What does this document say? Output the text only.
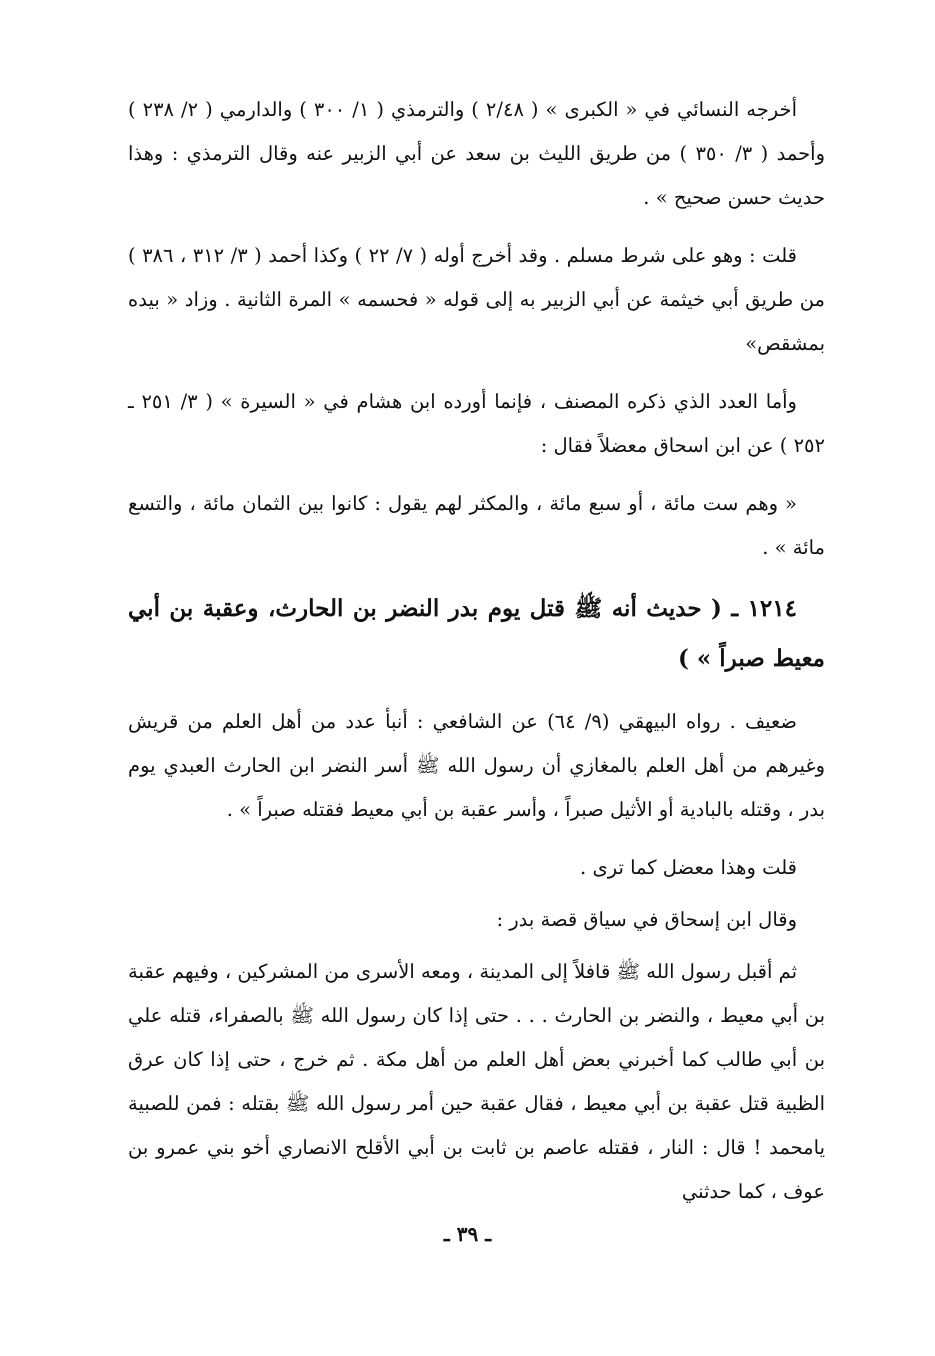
أخرجه النسائي في « الكبرى » ( ٢/٤٨ ) والترمذي ( ١/ ٣٠٠ ) والدارمي ( ٢/ ٢٣٨ ) وأحمد ( ٣/ ٣٥٠ ) من طريق الليث بن سعد عن أبي الزبير عنه وقال الترمذي : وهذا حديث حسن صحيح » .

قلت : وهو على شرط مسلم . وقد أخرج أوله ( ٧/ ٢٢ ) وكذا أحمد ( ٣/ ٣١٢ ، ٣٨٦ ) من طريق أبي خيثمة عن أبي الزبير به إلى قوله « فحسمه » المرة الثانية . وزاد « بيده بمشقص»

وأما العدد الذي ذكره المصنف ، فإنما أورده ابن هشام في « السيرة » ( ٣/ ٢٥١ ـ ٢٥٢ ) عن ابن اسحاق معضلاً فقال :

« وهم ست مائة ، أو سبع مائة ، والمكثر لهم يقول : كانوا بين الثمان مائة ، والتسع مائة » .

١٢١٤ ـ ( حديث أنه ﷺ قتل يوم بدر النضر بن الحارث، وعقبة بن أبي معيط صبراً » )

ضعيف . رواه البيهقي (٩/ ٦٤) عن الشافعي : أنبأ عدد من أهل العلم من قريش وغيرهم من أهل العلم بالمغازي أن رسول الله ﷺ أسر النضر ابن الحارث العبدي يوم بدر ، وقتله بالبادية أو الأثيل صبراً ، وأسر عقبة بن أبي معيط فقتله صبراً » .

قلت وهذا معضل كما ترى .

وقال ابن إسحاق في سياق قصة بدر :

ثم أقبل رسول الله ﷺ قافلاً إلى المدينة ، ومعه الأسرى من المشركين ، وفيهم عقبة بن أبي معيط ، والنضر بن الحارث . . . حتى إذا كان رسول الله ﷺ بالصفراء، قتله علي بن أبي طالب كما أخبرني بعض أهل العلم من أهل مكة . ثم خرج ، حتى إذا كان عرق الظبية قتل عقبة بن أبي معيط ، فقال عقبة حين أمر رسول الله ﷺ بقتله : فمن للصبية يامحمد ! قال : النار ، فقتله عاصم بن ثابت بن أبي الأقلح الانصاري أخو بني عمرو بن عوف ، كما حدثني

ـ ٣٩ ـ
